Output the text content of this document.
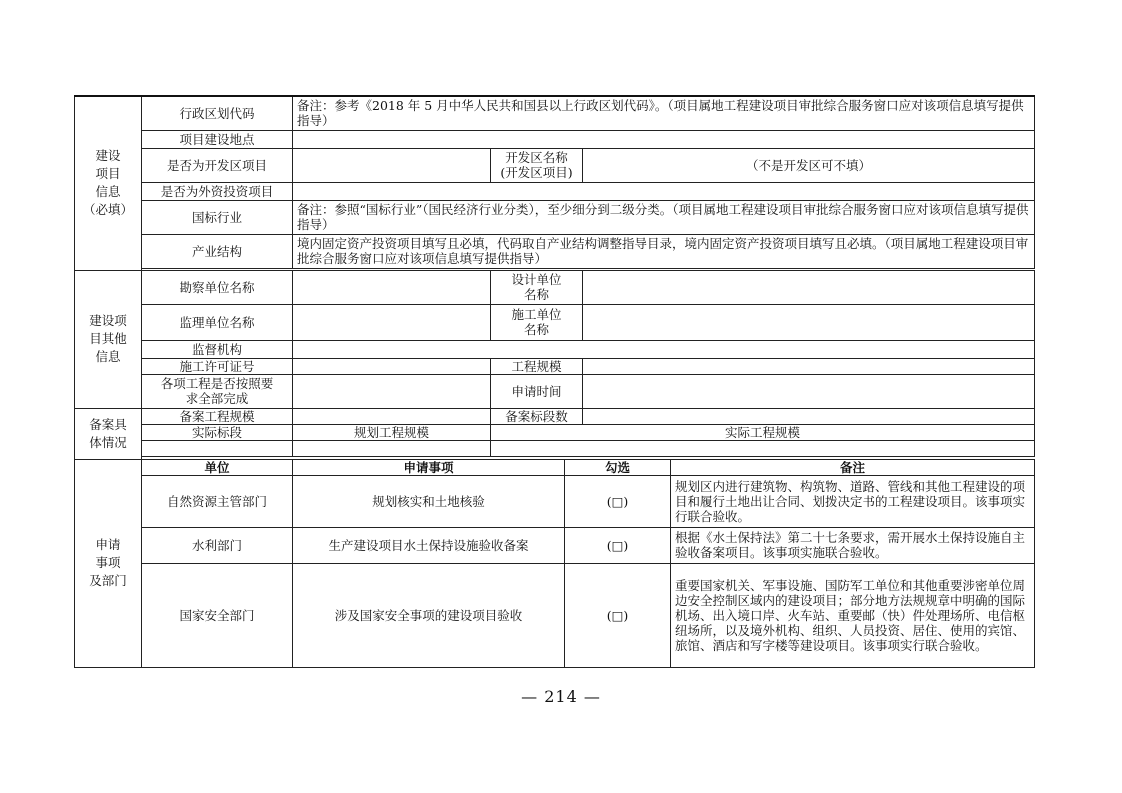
建设
项目
信息
（必填）	行政区划代码	备注：参考《2018 年 5 月中华人民共和国县以上行政区划代码》。（项目属地工程建设项目审批综合服务窗口应对该项信息填写提供指导）				
	项目建设地点					
	是否为开发区项目		开发区名称
(开发区项目)		（不是开发区可不填）	
	是否为外资投资项目					
	国标行业	备注：参照“国标行业”（国民经济行业分类），至少细分到二级分类。（项目属地工程建设项目审批综合服务窗口应对该项信息填写提供指导）				
	产业结构	境内固定资产投资项目填写且必填，代码取自产业结构调整指导目录，境内固定资产投资项目填写且必填。（项目属地工程建设项目审批综合服务窗口应对该项信息填写提供指导）				

建设项
目其他
信息	勘察单位名称		设计单位
名称			
	监理单位名称		施工单位
名称			
	监督机构					
	施工许可证号		工程规模			
	各项工程是否按照要
求全部完成		申请时间			
备案具
体情况	备案工程规模		备案标段数			
	实际标段	规划工程规模	实际工程规模			

申请
事项
及部门	单位	申请事项		勾选		备注
	自然资源主管部门	规划核实和土地核验		(□)		规划区内进行建筑物、构筑物、道路、管线和其他工程建设的项目和履行土地出让合同、划拨决定书的工程建设项目。该事项实行联合验收。
	水利部门	生产建设项目水土保持设施验收备案		(□)		根据《水土保持法》第二十七条要求，需开展水土保持设施自主验收备案项目。该事项实施联合验收。
	国家安全部门	涉及国家安全事项的建设项目验收		(□)		重要国家机关、军事设施、国防军工单位和其他重要涉密单位周边安全控制区域内的建设项目；部分地方法规规章中明确的国际机场、出入境口岸、火车站、重要邮（快）件处理场所、电信枢纽场所，以及境外机构、组织、人员投资、居住、使用的宾馆、旅馆、酒店和写字楼等建设项目。该事项实行联合验收。
— 214 —
